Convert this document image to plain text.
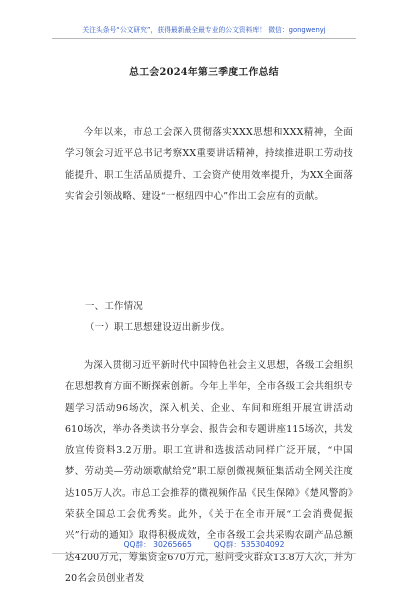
关注头条号“公文研究”，获得最新最全最专业的公文资料库！ 微信：gongwenyj
总工会2024年第三季度工作总结

今年以来，市总工会深入贯彻落实XXX思想和XXX精神，全面学习领会习近平总书记考察XX重要讲话精神，持续推进职工劳动技能提升、职工生活品质提升、工会资产使用效率提升，为XX全面落实省会引领战略、建设“一枢纽四中心”作出工会应有的贡献。

一、工作情况
（一）职工思想建设迈出新步伐。

为深入贯彻习近平新时代中国特色社会主义思想，各级工会组织在思想教育方面不断探索创新。今年上半年，全市各级工会共组织专题学习活动96场次，深入机关、企业、车间和班组开展宣讲活动610场次，举办各类读书分享会、报告会和专题讲座115场次，共发放宣传资料3.2万册。职工宣讲和选拔活动同样广泛开展，“中国梦、劳动美—劳动颂歌献给党”职工原创微视频征集活动全网关注度达105万人次。市总工会推荐的微视频作品《民生保障》《楚风警韵》荣获全国总工会优秀奖。此外，《关于在全市开展“工会消费促振兴”行动的通知》取得积极成效，全市各级工会共采购农副产品总额达4200万元，筹集资金670万元，慰问受灾群众13.8万人次，并为20名会员创业者发

QQ群： 30265665	QQ群：535304092
